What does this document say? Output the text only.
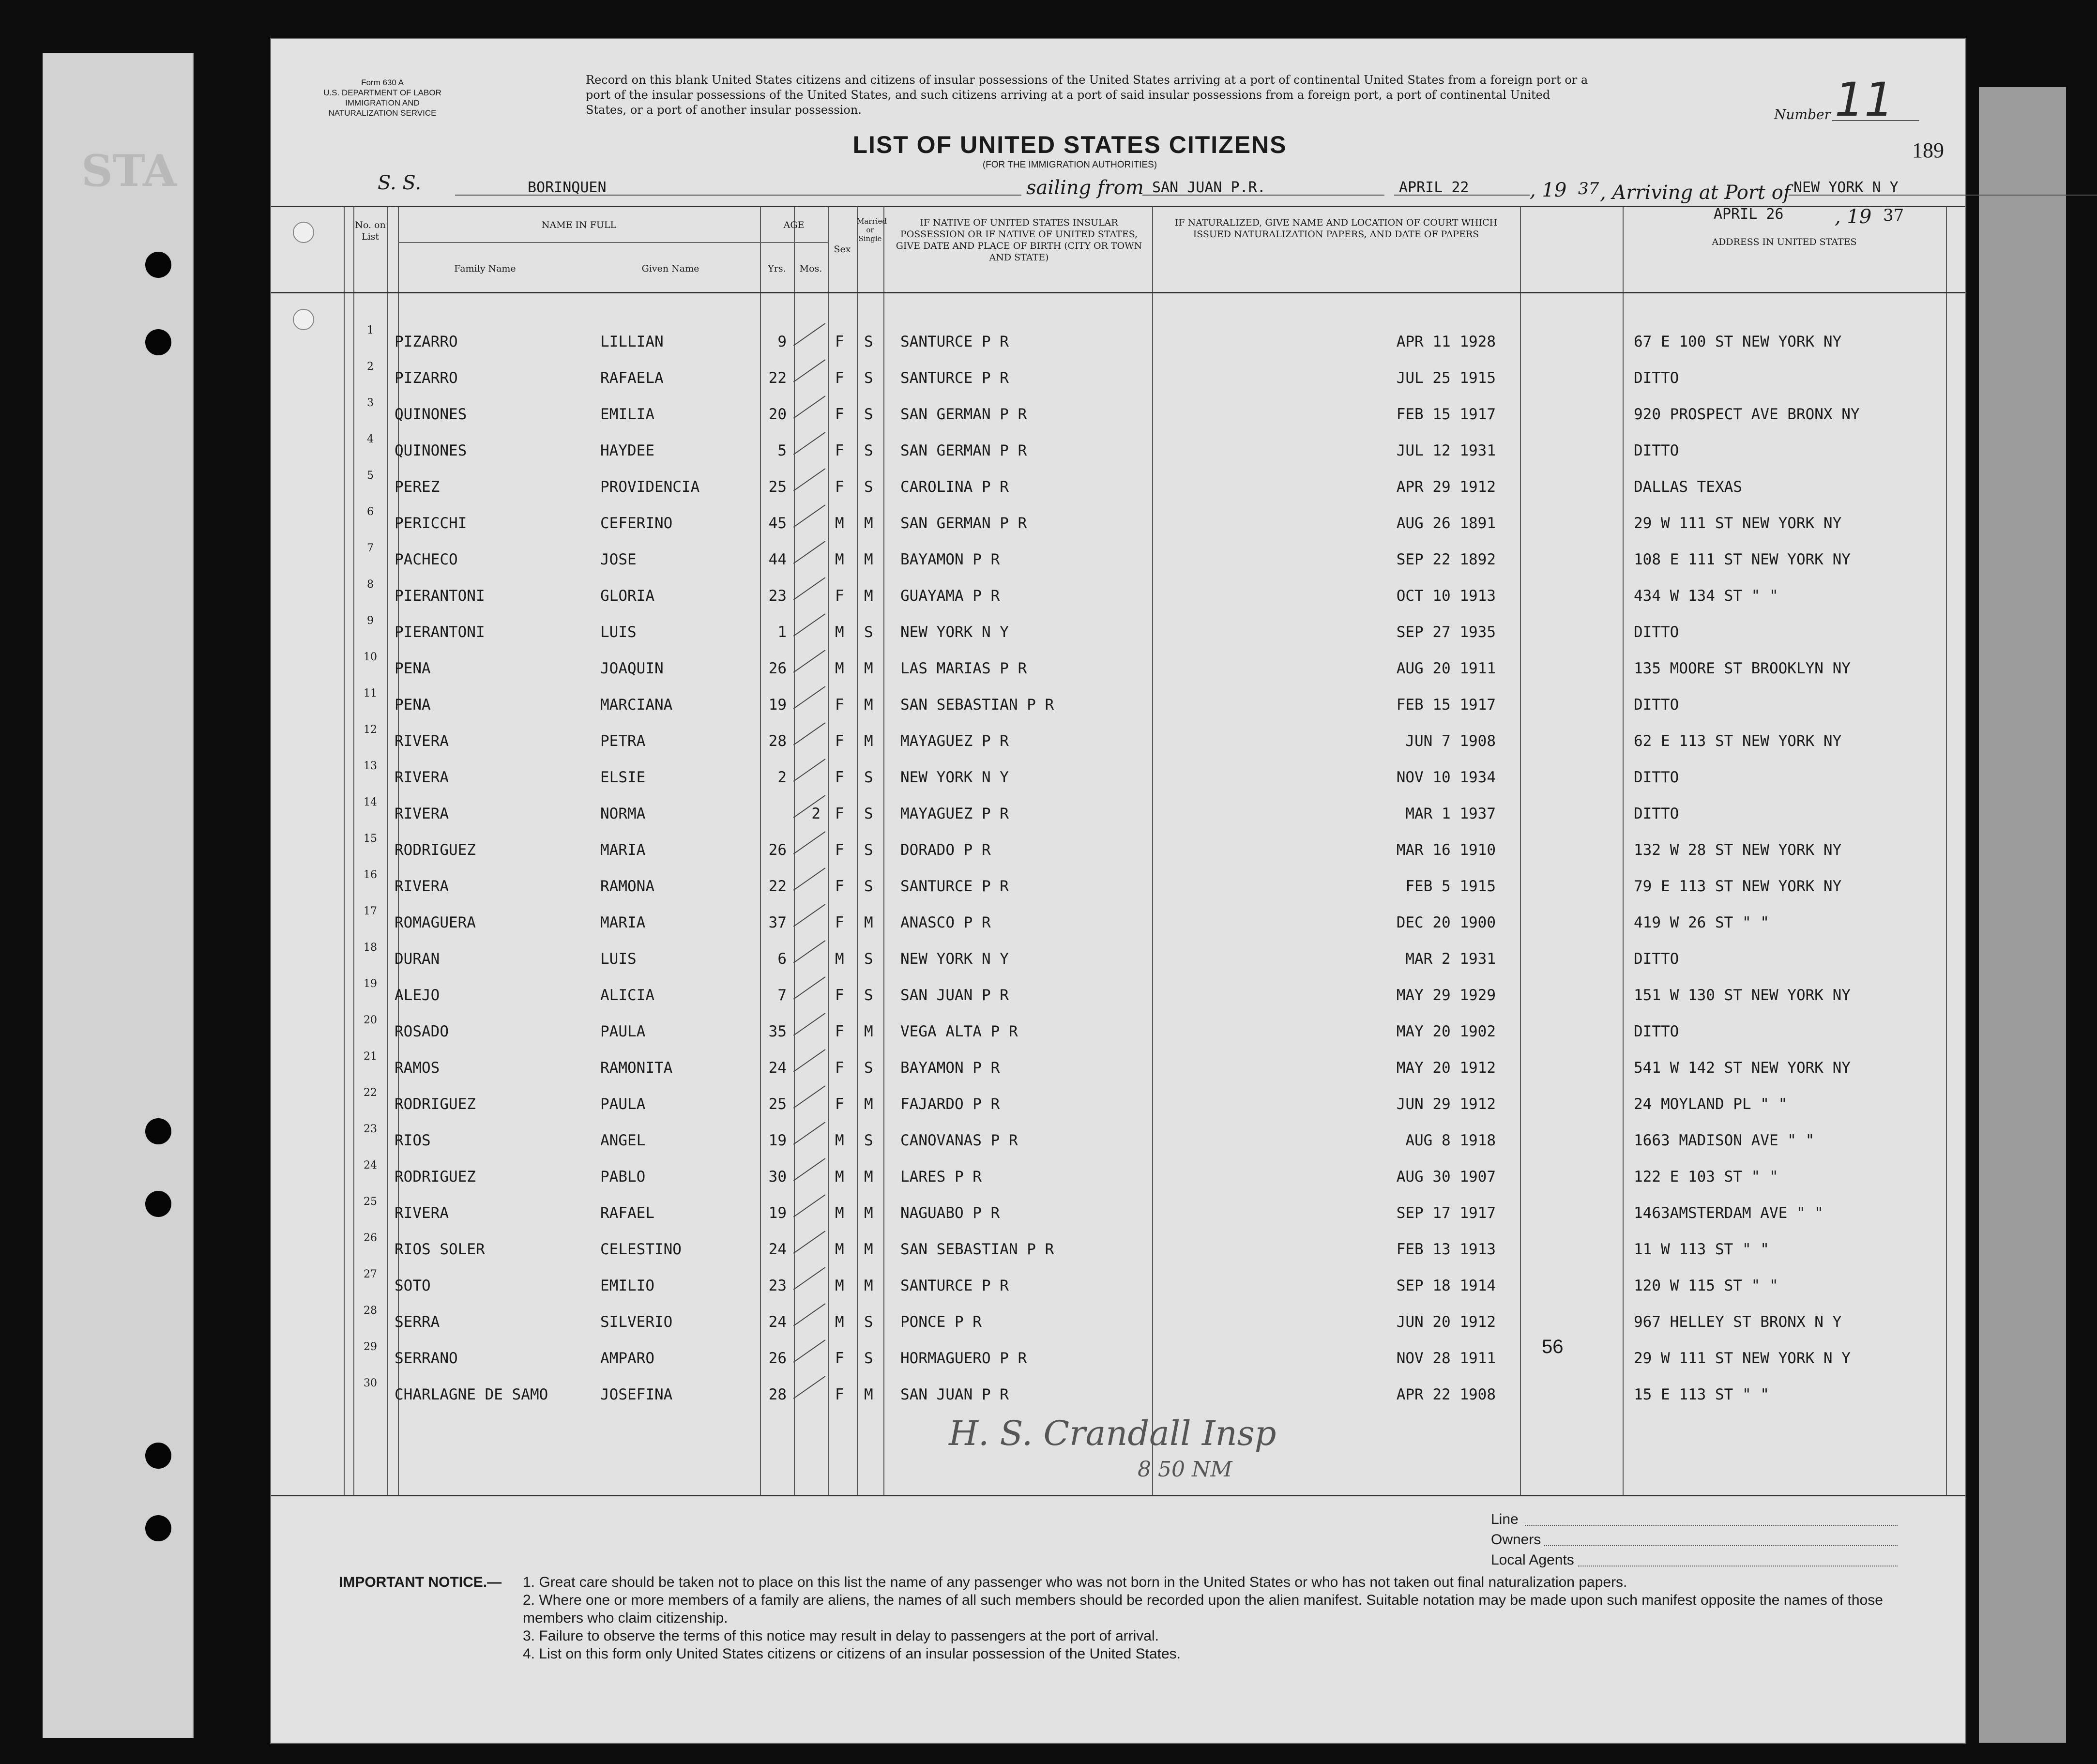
STA
Form 630 A
U.S. DEPARTMENT OF LABOR
IMMIGRATION AND
NATURALIZATION SERVICE
Record on this blank United States citizens and citizens of insular possessions of the United States arriving at a port of continental United States from a foreign port or a port of the insular possessions of the United States, and such citizens arriving at a port of said insular possessions from a foreign port, a port of continental United States, or a port of another insular possession.	Number 11
189
LIST OF UNITED STATES CITIZENS
(FOR THE IMMIGRATION AUTHORITIES)
S. S.	BORINQUEN	sailing from SAN JUAN P.R.	APRIL 22	, 19 37 , Arriving at Port of NEW YORK N Y
No. on List
NAME IN FULL
Family Name	Given Name
AGE
Yrs.	Mos.
Sex
Married or Single
IF NATIVE OF UNITED STATES INSULAR POSSESSION OR IF NATIVE OF UNITED STATES, GIVE DATE AND PLACE OF BIRTH (CITY OR TOWN AND STATE)
IF NATURALIZED, GIVE NAME AND LOCATION OF COURT WHICH ISSUED NATURALIZATION PAPERS, AND DATE OF PAPERS
ADDRESS IN UNITED STATES
1
PIZARRO	LILLIAN	9	F S SANTURCE P R	APR 11 1928	67 E 100 ST NEW YORK NY
2
PIZARRO	RAFAELA	22	F S SANTURCE P R	JUL 25 1915	DITTO
3
QUINONES	EMILIA	20	F S SAN GERMAN P R	FEB 15 1917	920 PROSPECT AVE BRONX NY
4
QUINONES	HAYDEE	5	F S SAN GERMAN P R	JUL 12 1931	DITTO
5
PEREZ	PROVIDENCIA	25	F S CAROLINA P R	APR 29 1912	DALLAS TEXAS
6
PERICCHI	CEFERINO	45	M M SAN GERMAN P R	AUG 26 1891	29 W 111 ST NEW YORK NY
7
PACHECO	JOSE	44	M M BAYAMON P R	SEP 22 1892	108 E 111 ST NEW YORK NY
8
PIERANTONI	GLORIA	23	F M GUAYAMA P R	OCT 10 1913	434 W 134 ST " "
9
PIERANTONI	LUIS	1	M S NEW YORK N Y	SEP 27 1935	DITTO
10
PENA	JOAQUIN	26	M M LAS MARIAS P R	AUG 20 1911	135 MOORE ST BROOKLYN NY
11
PENA	MARCIANA	19	F M SAN SEBASTIAN P R	FEB 15 1917	DITTO
12
RIVERA	PETRA	28	F M MAYAGUEZ P R	JUN 7 1908	62 E 113 ST NEW YORK NY
13
RIVERA	ELSIE	2	F S NEW YORK N Y	NOV 10 1934	DITTO
14
RIVERA	NORMA	2 F S MAYAGUEZ P R	MAR 1 1937	DITTO
15
RODRIGUEZ	MARIA	26	F S DORADO P R	MAR 16 1910	132 W 28 ST NEW YORK NY
16
RIVERA	RAMONA	22	F S SANTURCE P R	FEB 5 1915	79 E 113 ST NEW YORK NY
17
ROMAGUERA	MARIA	37	F M ANASCO P R	DEC 20 1900	419 W 26 ST " "
18
DURAN	LUIS	6	M S NEW YORK N Y	MAR 2 1931	DITTO
19
ALEJO	ALICIA	7	F S SAN JUAN P R	MAY 29 1929	151 W 130 ST NEW YORK NY
20
ROSADO	PAULA	35	F M VEGA ALTA P R	MAY 20 1902	DITTO
21
RAMOS	RAMONITA	24	F S BAYAMON P R	MAY 20 1912	541 W 142 ST NEW YORK NY
22
RODRIGUEZ	PAULA	25	F M FAJARDO P R	JUN 29 1912	24 MOYLAND PL " "
23
RIOS	ANGEL	19	M S CANOVANAS P R	AUG 8 1918	1663 MADISON AVE " "
24
RODRIGUEZ	PABLO	30	M M LARES P R	AUG 30 1907	122 E 103 ST " "
25
RIVERA	RAFAEL	19	M M NAGUABO P R	SEP 17 1917	1463AMSTERDAM AVE " "
26
RIOS SOLER	CELESTINO	24	M M SAN SEBASTIAN P R	FEB 13 1913	11 W 113 ST " "
27
SOTO	EMILIO	23	M M SANTURCE P R	SEP 18 1914	120 W 115 ST " "
28
SERRA	SILVERIO	24	M S PONCE P R	JUN 20 1912	967 HELLEY ST BRONX N Y
29
SERRANO	AMPARO	26	F S HORMAGUERO P R	NOV 28 1911	29 W 111 ST NEW YORK N Y
30
CHARLAGNE DE SAMO	JOSEFINA	28	F M SAN JUAN P R	APR 22 1908	15 E 113 ST " "
56
H. S. Crandall Insp
8 50 NM
Line
Owners
Local Agents
IMPORTANT NOTICE.— 1. Great care should be taken not to place on this list the name of any passenger who was not born in the United States or who has not taken out final naturalization papers.
2. Where one or more members of a family are aliens, the names of all such members should be recorded upon the alien manifest. Suitable notation may be made upon such manifest opposite the names of those members who claim citizenship.
3. Failure to observe the terms of this notice may result in delay to passengers at the port of arrival.
4. List on this form only United States citizens or citizens of an insular possession of the United States.
APRIL 26	, 19 37
